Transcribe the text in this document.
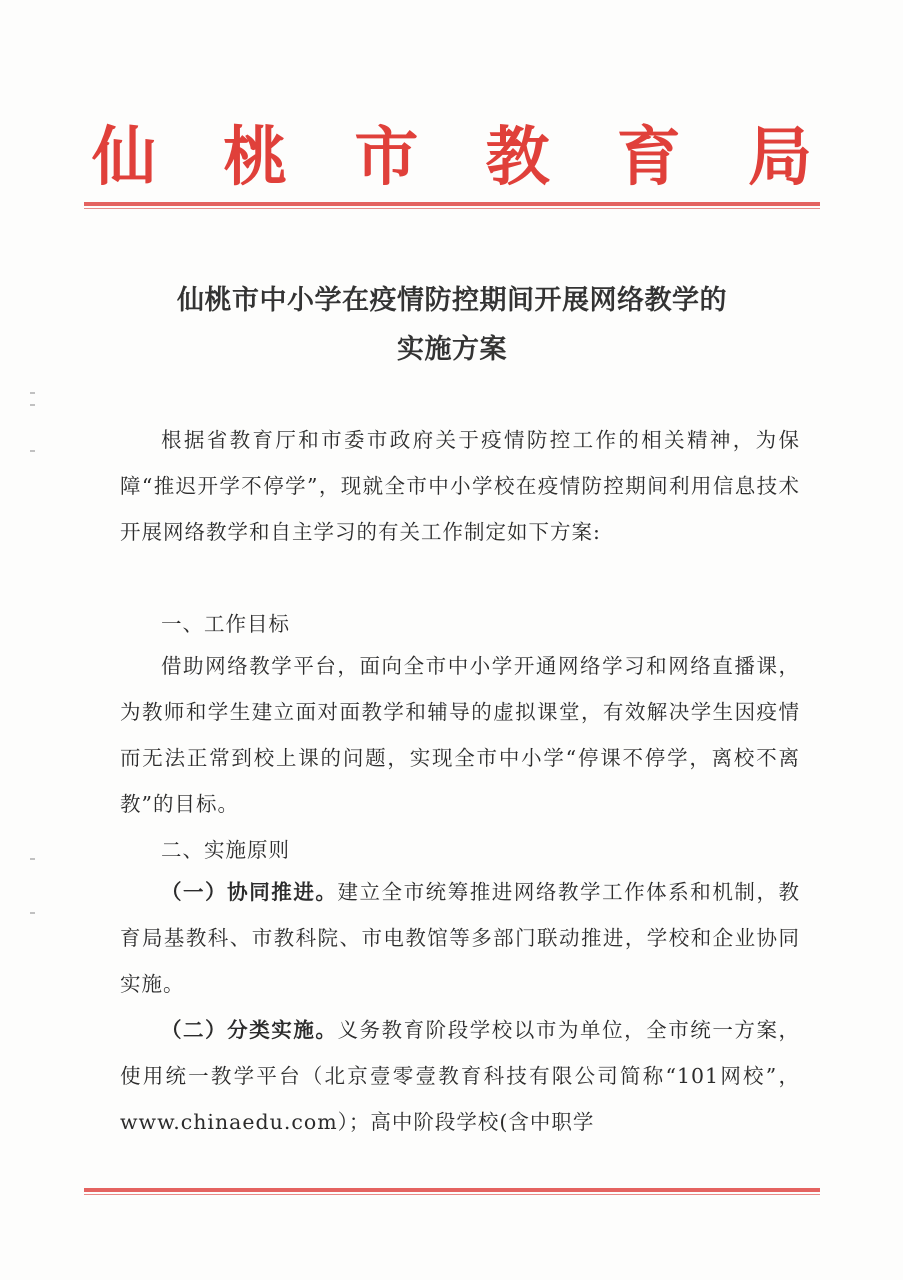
仙 桃 市 教 育 局
仙桃市中小学在疫情防控期间开展网络教学的
实施方案

根据省教育厅和市委市政府关于疫情防控工作的相关精神，为保障“推迟开学不停学”，现就全市中小学校在疫情防控期间利用信息技术开展网络教学和自主学习的有关工作制定如下方案:

一、工作目标

借助网络教学平台，面向全市中小学开通网络学习和网络直播课，为教师和学生建立面对面教学和辅导的虚拟课堂，有效解决学生因疫情而无法正常到校上课的问题，实现全市中小学“停课不停学，离校不离教”的目标。

二、实施原则

（一）协同推进。建立全市统筹推进网络教学工作体系和机制，教育局基教科、市教科院、市电教馆等多部门联动推进，学校和企业协同实施。

（二）分类实施。义务教育阶段学校以市为单位，全市统一方案，使用统一教学平台（北京壹零壹教育科技有限公司简称“101网校”，www.chinaedu.com）；高中阶段学校(含中职学
